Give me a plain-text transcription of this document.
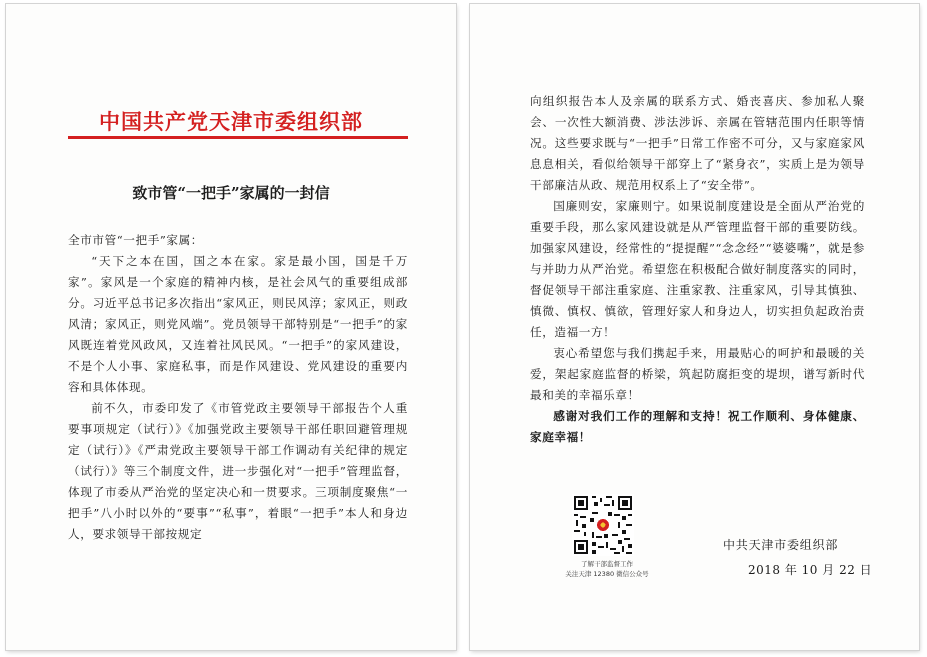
中国共产党天津市委组织部
致市管“一把手”家属的一封信

全市市管“一把手”家属：

“天下之本在国，国之本在家。家是最小国，国是千万家”。家风是一个家庭的精神内核，是社会风气的重要组成部分。习近平总书记多次指出“家风正，则民风淳；家风正，则政风清；家风正，则党风端”。党员领导干部特别是“一把手”的家风既连着党风政风，又连着社风民风。“一把手”的家风建设，不是个人小事、家庭私事，而是作风建设、党风建设的重要内容和具体体现。

前不久，市委印发了《市管党政主要领导干部报告个人重要事项规定（试行）》《加强党政主要领导干部任职回避管理规定（试行）》《严肃党政主要领导干部工作调动有关纪律的规定（试行）》等三个制度文件，进一步强化对“一把手”管理监督，体现了市委从严治党的坚定决心和一贯要求。三项制度聚焦“一把手”八小时以外的“要事”“私事”，着眼“一把手”本人和身边人，要求领导干部按规定

向组织报告本人及亲属的联系方式、婚丧喜庆、参加私人聚会、一次性大额消费、涉法涉诉、亲属在管辖范围内任职等情况。这些要求既与“一把手”日常工作密不可分，又与家庭家风息息相关，看似给领导干部穿上了“紧身衣”，实质上是为领导干部廉洁从政、规范用权系上了“安全带”。

国廉则安，家廉则宁。如果说制度建设是全面从严治党的重要手段，那么家风建设就是从严管理监督干部的重要防线。加强家风建设，经常性的“提提醒”“念念经”“婆婆嘴”，就是参与并助力从严治党。希望您在积极配合做好制度落实的同时，督促领导干部注重家庭、注重家教、注重家风，引导其慎独、慎微、慎权、慎欲，管理好家人和身边人，切实担负起政治责任，造福一方！

衷心希望您与我们携起手来，用最贴心的呵护和最暖的关爱，架起家庭监督的桥梁，筑起防腐拒变的堤坝，谱写新时代最和美的幸福乐章！

感谢对我们工作的理解和支持！祝工作顺利、身体健康、家庭幸福！

了解干部监督工作
关注天津 12380 微信公众号
中共天津市委组织部
2018 年 10 月 22 日
